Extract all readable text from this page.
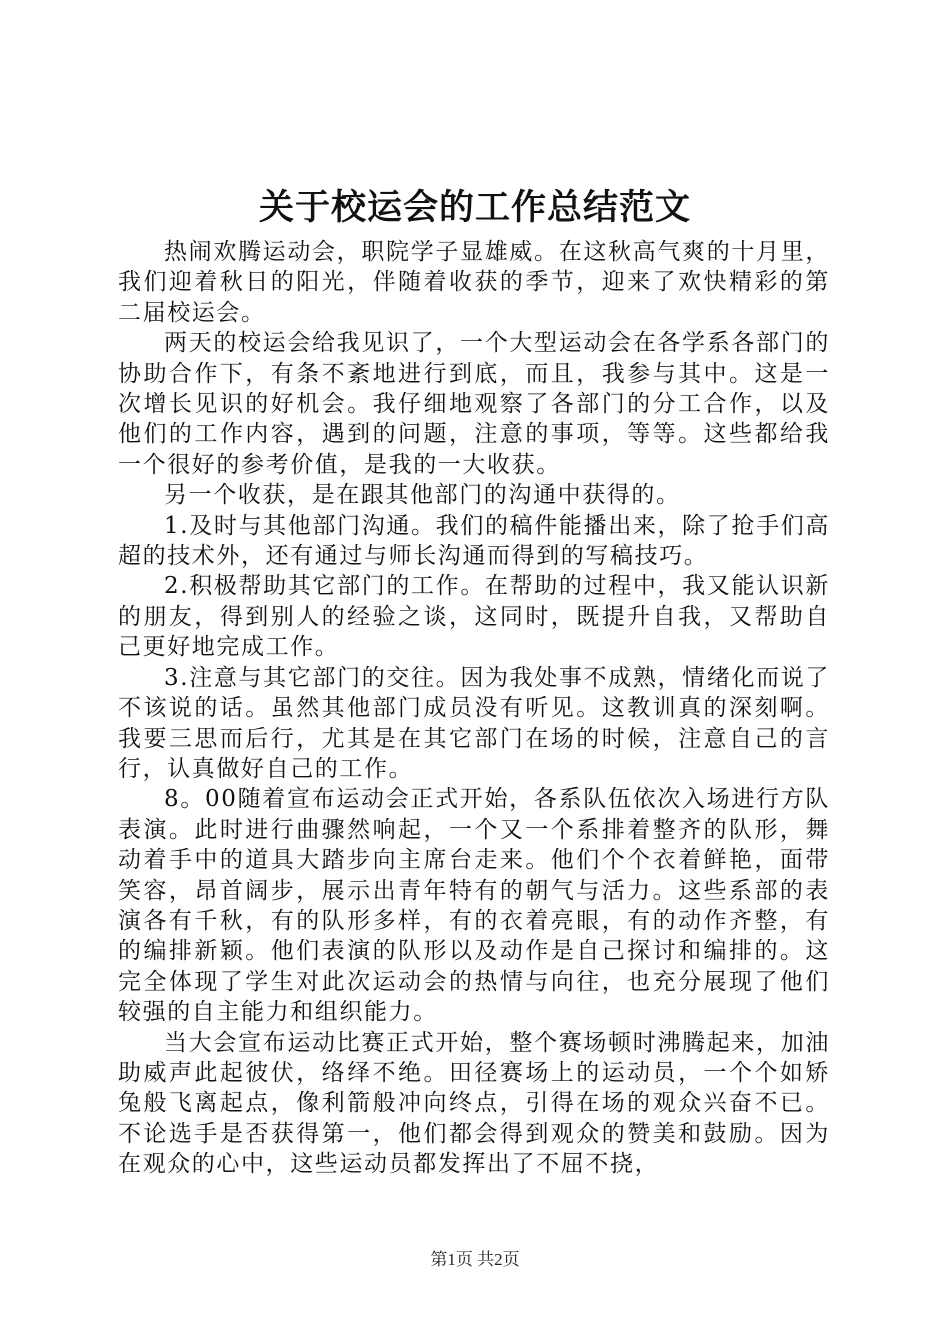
关于校运会的工作总结范文

热闹欢腾运动会，职院学子显雄威。在这秋高气爽的十月里，我们迎着秋日的阳光，伴随着收获的季节，迎来了欢快精彩的第二届校运会。

两天的校运会给我见识了，一个大型运动会在各学系各部门的协助合作下，有条不紊地进行到底，而且，我参与其中。这是一次增长见识的好机会。我仔细地观察了各部门的分工合作，以及他们的工作内容，遇到的问题，注意的事项，等等。这些都给我一个很好的参考价值，是我的一大收获。

另一个收获，是在跟其他部门的沟通中获得的。

1.及时与其他部门沟通。我们的稿件能播出来，除了抢手们高超的技术外，还有通过与师长沟通而得到的写稿技巧。

2.积极帮助其它部门的工作。在帮助的过程中，我又能认识新的朋友，得到别人的经验之谈，这同时，既提升自我，又帮助自己更好地完成工作。

3.注意与其它部门的交往。因为我处事不成熟，情绪化而说了不该说的话。虽然其他部门成员没有听见。这教训真的深刻啊。我要三思而后行，尤其是在其它部门在场的时候，注意自己的言行，认真做好自己的工作。

8。00随着宣布运动会正式开始，各系队伍依次入场进行方队表演。此时进行曲骤然响起，一个又一个系排着整齐的队形，舞动着手中的道具大踏步向主席台走来。他们个个衣着鲜艳，面带笑容，昂首阔步，展示出青年特有的朝气与活力。这些系部的表演各有千秋，有的队形多样，有的衣着亮眼，有的动作齐整，有的编排新颖。他们表演的队形以及动作是自己探讨和编排的。这完全体现了学生对此次运动会的热情与向往，也充分展现了他们较强的自主能力和组织能力。

当大会宣布运动比赛正式开始，整个赛场顿时沸腾起来，加油助威声此起彼伏，络绎不绝。田径赛场上的运动员，一个个如矫兔般飞离起点，像利箭般冲向终点，引得在场的观众兴奋不已。不论选手是否获得第一，他们都会得到观众的赞美和鼓励。因为在观众的心中，这些运动员都发挥出了不屈不挠，

第1页 共2页
